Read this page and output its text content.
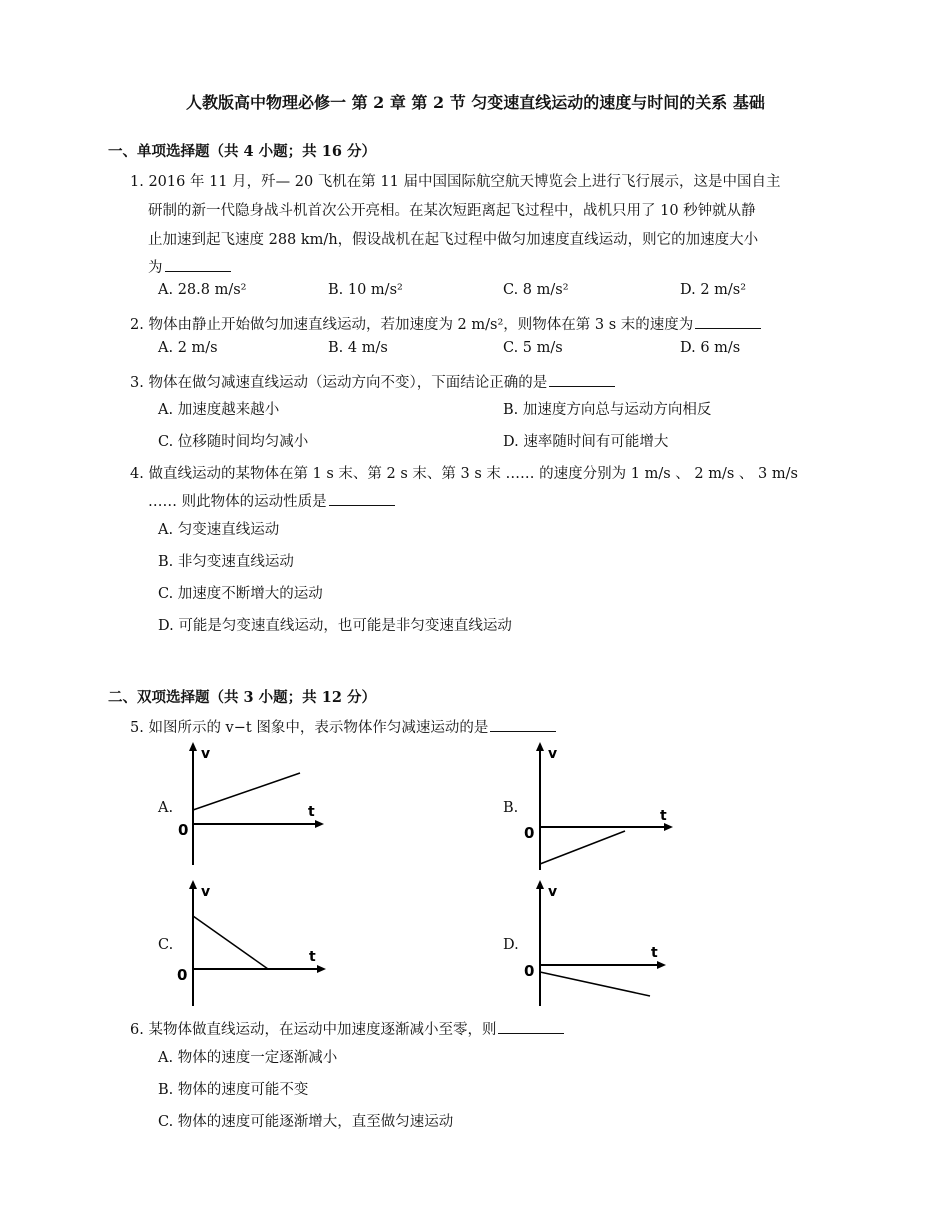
人教版高中物理必修一 第 2 章 第 2 节 匀变速直线运动的速度与时间的关系 基础
一、单项选择题（共 4 小题；共 16 分）
1. 2016 年 11 月，歼— 20 飞机在第 11 届中国国际航空航天博览会上进行飞行展示，这是中国自主
研制的新一代隐身战斗机首次公开亮相。在某次短距离起飞过程中，战机只用了 10 秒钟就从静
止加速到起飞速度 288 km/h，假设战机在起飞过程中做匀加速度直线运动，则它的加速度大小
为
A. 28.8 m/s²	B. 10 m/s²	C. 8 m/s²	D. 2 m/s²
2. 物体由静止开始做匀加速直线运动，若加速度为 2 m/s²，则物体在第 3 s 末的速度为
A. 2 m/s	B. 4 m/s	C. 5 m/s	D. 6 m/s
3. 物体在做匀减速直线运动（运动方向不变），下面结论正确的是
A. 加速度越来越小	B. 加速度方向总与运动方向相反
C. 位移随时间均匀减小	D. 速率随时间有可能增大
4. 做直线运动的某物体在第 1 s 末、第 2 s 末、第 3 s 末 …… 的速度分别为 1 m/s 、 2 m/s 、 3 m/s
…… 则此物体的运动性质是
A. 匀变速直线运动
B. 非匀变速直线运动
C. 加速度不断增大的运动
D. 可能是匀变速直线运动，也可能是非匀变速直线运动
二、双项选择题（共 3 小题；共 12 分）
5. 如图所示的 v−t 图象中，表示物体作匀减速运动的是
A.
v
t
0
B.
v
t
0
C.
v
t
0
D.
v
t
0
6. 某物体做直线运动，在运动中加速度逐渐减小至零，则
A. 物体的速度一定逐渐减小
B. 物体的速度可能不变
C. 物体的速度可能逐渐增大，直至做匀速运动
